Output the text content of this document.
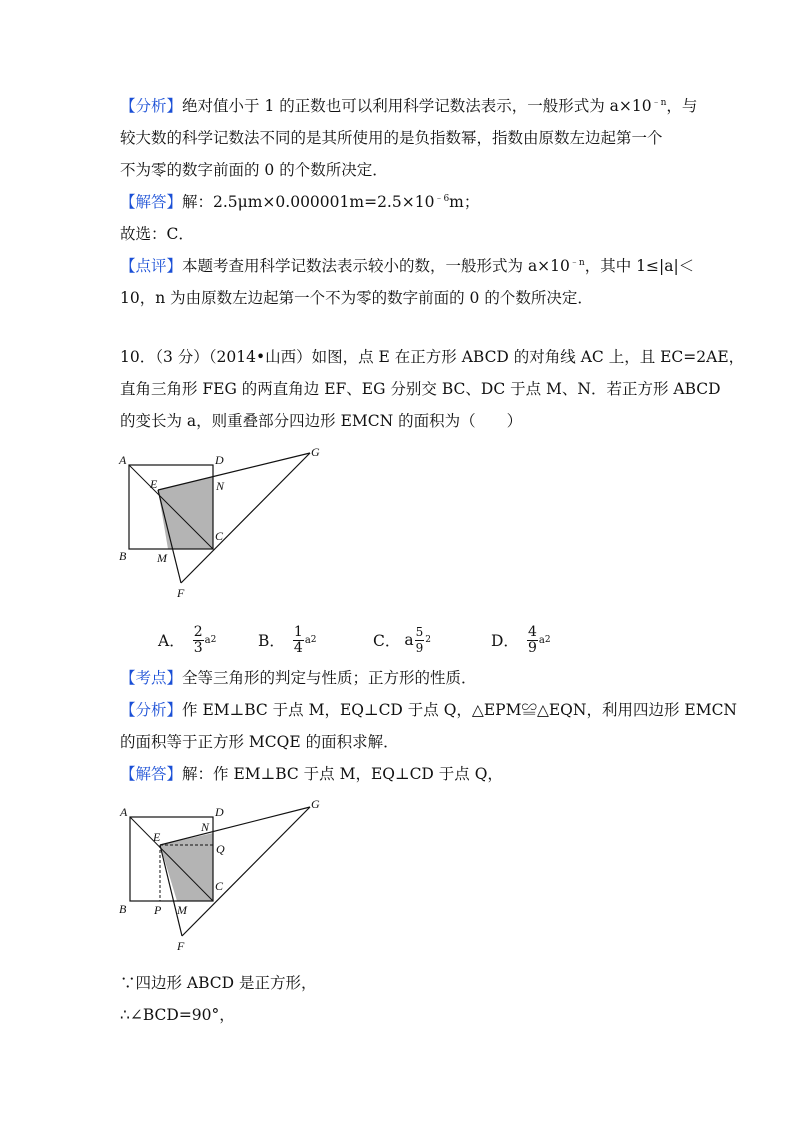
【分析】绝对值小于 1 的正数也可以利用科学记数法表示，一般形式为 $a\times 10^{﹣n}$，与
较大数的科学记数法不同的是其所使用的是负指数幂，指数由原数左边起第一个
不为零的数字前面的 0 的个数所决定．
【解答】解：$2.5\mu m\times 0.000001m=2.5\times 10^{﹣6}m$；
故选：C．
【点评】本题考查用科学记数法表示较小的数，一般形式为 $a\times 10^{﹣n}$，其中 1≤|a|＜
10，n 为由原数左边起第一个不为零的数字前面的 0 的个数所决定．
10．（3 分）（2014•山西）如图，点 E 在正方形 ABCD 的对角线 AC 上，且 EC=2AE，
直角三角形 FEG 的两直角边 EF、EG 分别交 BC、DC 于点 M、N．若正方形 ABCD
的变长为 a，则重叠部分四边形 EMCN 的面积为（　　）
A	D
G
E	N
C
B	M
F
A． $\frac{2}{3}$ a 2	B． $\frac{1}{4}$ a 2	C． a $\frac{5}{9} 2$	D． $\frac{4}{9}$ a 2
【考点】全等三角形的判定与性质；正方形的性质．
【分析】作 EM⊥BC 于点 M，EQ⊥CD 于点 Q，△EPM≌△EQN，利用四边形 EMCN
的面积等于正方形 MCQE 的面积求解．
【解答】解：作 EM⊥BC 于点 M，EQ⊥CD 于点 Q，
A	D
G
E
N
Q
C
B P M
F
∵四边形 ABCD 是正方形，
∴∠BCD=90°，
